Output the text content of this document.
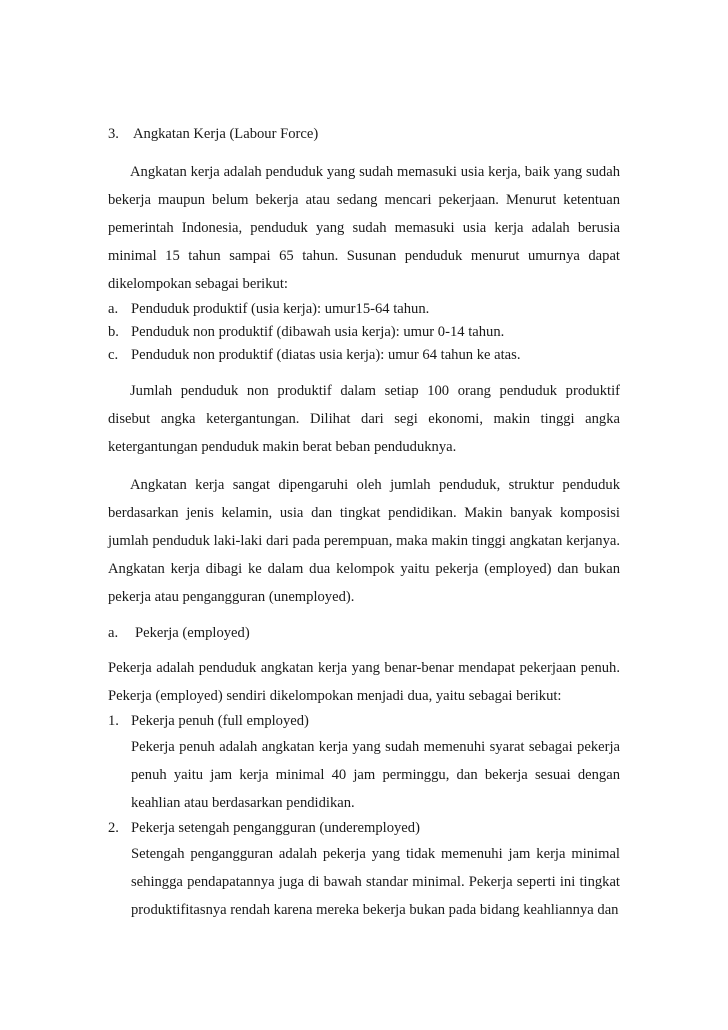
3. Angkatan Kerja (Labour Force)
Angkatan kerja adalah penduduk yang sudah memasuki usia kerja, baik yang sudah bekerja maupun belum bekerja atau sedang mencari pekerjaan. Menurut ketentuan pemerintah Indonesia, penduduk yang sudah memasuki usia kerja adalah berusia minimal 15 tahun sampai 65 tahun. Susunan penduduk menurut umurnya dapat dikelompokan sebagai berikut:
a. Penduduk produktif (usia kerja): umur15-64 tahun.
b. Penduduk non produktif (dibawah usia kerja): umur 0-14 tahun.
c. Penduduk non produktif (diatas usia kerja): umur 64 tahun ke atas.
Jumlah penduduk non produktif dalam setiap 100 orang penduduk produktif disebut angka ketergantungan. Dilihat dari segi ekonomi, makin tinggi angka ketergantungan penduduk makin berat beban penduduknya.
Angkatan kerja sangat dipengaruhi oleh jumlah penduduk, struktur penduduk berdasarkan jenis kelamin, usia dan tingkat pendidikan. Makin banyak komposisi jumlah penduduk laki-laki dari pada perempuan, maka makin tinggi angkatan kerjanya. Angkatan kerja dibagi ke dalam dua kelompok yaitu pekerja (employed) dan bukan pekerja atau pengangguran (unemployed).
a. Pekerja (employed)
Pekerja adalah penduduk angkatan kerja yang benar-benar mendapat pekerjaan penuh. Pekerja (employed) sendiri dikelompokan menjadi dua, yaitu sebagai berikut:
1. Pekerja penuh (full employed)
Pekerja penuh adalah angkatan kerja yang sudah memenuhi syarat sebagai pekerja penuh yaitu jam kerja minimal 40 jam perminggu, dan bekerja sesuai dengan keahlian atau berdasarkan pendidikan.
2. Pekerja setengah pengangguran (underemployed)
Setengah pengangguran adalah pekerja yang tidak memenuhi jam kerja minimal sehingga pendapatannya juga di bawah standar minimal. Pekerja seperti ini tingkat produktifitasnya rendah karena mereka bekerja bukan pada bidang keahliannya dan
